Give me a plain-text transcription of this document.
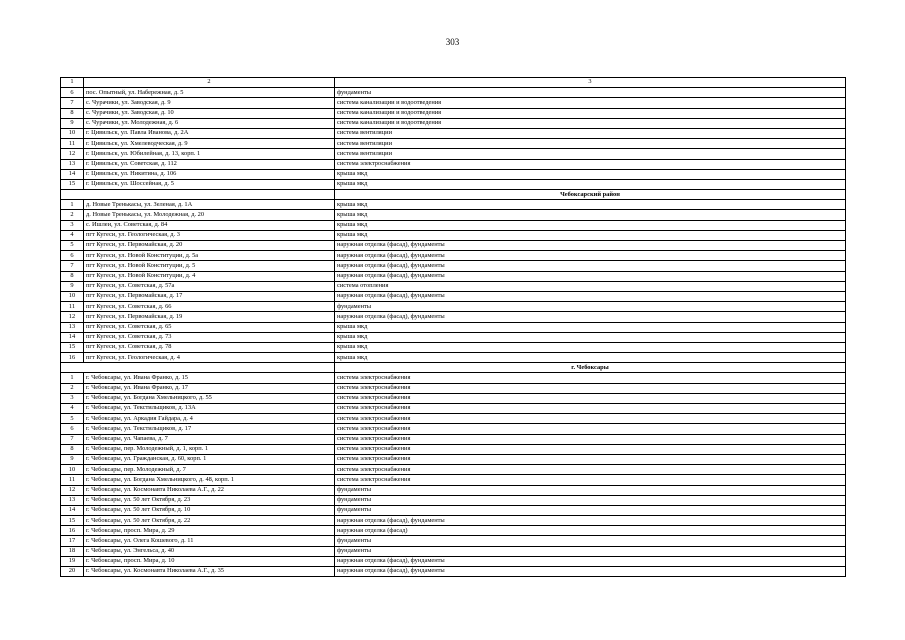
303
1	2	3
6	пос. Опытный, ул. Набережная, д. 5	фундаменты
7	с. Чурачики, ул. Заводская, д. 9	система канализации и водоотведения
8	с. Чурачики, ул. Заводская, д. 10	система канализации и водоотведения
9	с. Чурачики, ул. Молодежная, д. 6	система канализации и водоотведения
10	г. Цивильск, ул. Павла Иванова, д. 2А	система вентиляции
11	г. Цивильск, ул. Хмелеводческая, д. 9	система вентиляции
12	г. Цивильск, ул. Юбилейная, д. 13, корп. 1	система вентиляции
13	г. Цивильск, ул. Советская, д. 112	система электроснабжения
14	г. Цивильск, ул. Никитина, д. 106	крыша мкд
15	г. Цивильск, ул. Шоссейная, д. 5	крыша мкд
		Чебоксарский район
1	д. Новые Тренькасы, ул. Зеленая, д. 1А	крыша мкд
2	д. Новые Тренькасы, ул. Молодежная, д. 20	крыша мкд
3	с. Ишлеи, ул. Советская, д. 84	крыша мкд
4	пгт Кугеси, ул. Геологическая, д. 3	крыша мкд
5	пгт Кугеси, ул. Первомайская, д. 20	наружная отделка (фасад), фундаменты
6	пгт Кугеси, ул. Новой Конституции, д. 5а	наружная отделка (фасад), фундаменты
7	пгт Кугеси, ул. Новой Конституции, д. 5	наружная отделка (фасад), фундаменты
8	пгт Кугеси, ул. Новой Конституции, д. 4	наружная отделка (фасад), фундаменты
9	пгт Кугеси, ул. Советская, д. 57а	система отопления
10	пгт Кугеси, ул. Первомайская, д. 17	наружная отделка (фасад), фундаменты
11	пгт Кугеси, ул. Советская, д. 66	фундаменты
12	пгт Кугеси, ул. Первомайская, д. 19	наружная отделка (фасад), фундаменты
13	пгт Кугеси, ул. Советская, д. 65	крыша мкд
14	пгт Кугеси, ул. Советская, д. 73	крыша мкд
15	пгт Кугеси, ул. Советская, д. 78	крыша мкд
16	пгт Кугеси, ул. Геологическая, д. 4	крыша мкд
		г. Чебоксары
1	г. Чебоксары, ул. Ивана Франко, д. 15	система электроснабжения
2	г. Чебоксары, ул. Ивана Франко, д. 17	система электроснабжения
3	г. Чебоксары, ул. Богдана Хмельницкого, д. 55	система электроснабжения
4	г. Чебоксары, ул. Текстильщиков, д. 13А	система электроснабжения
5	г. Чебоксары, ул. Аркадия Гайдара, д. 4	система электроснабжения
6	г. Чебоксары, ул. Текстильщиков, д. 17	система электроснабжения
7	г. Чебоксары, ул. Чапаева, д. 7	система электроснабжения
8	г. Чебоксары, пер. Молодежный, д. 1, корп. 1	система электроснабжения
9	г. Чебоксары, ул. Гражданская, д. 60, корп. 1	система электроснабжения
10	г. Чебоксары, пер. Молодежный, д. 7	система электроснабжения
11	г. Чебоксары, ул. Богдана Хмельницкого, д. 48, корп. 1	система электроснабжения
12	г. Чебоксары, ул. Космонавта Николаева А.Г., д. 22	фундаменты
13	г. Чебоксары, ул. 50 лет Октября, д. 23	фундаменты
14	г. Чебоксары, ул. 50 лет Октября, д. 10	фундаменты
15	г. Чебоксары, ул. 50 лет Октября, д. 22	наружная отделка (фасад), фундаменты
16	г. Чебоксары, просп. Мира, д. 29	наружная отделка (фасад)
17	г. Чебоксары, ул. Олега Кошевого, д. 11	фундаменты
18	г. Чебоксары, ул. Энгельса, д. 40	фундаменты
19	г. Чебоксары, просп. Мира, д. 10	наружная отделка (фасад), фундаменты
20	г. Чебоксары, ул. Космонавта Николаева А.Г., д. 35	наружная отделка (фасад), фундаменты
